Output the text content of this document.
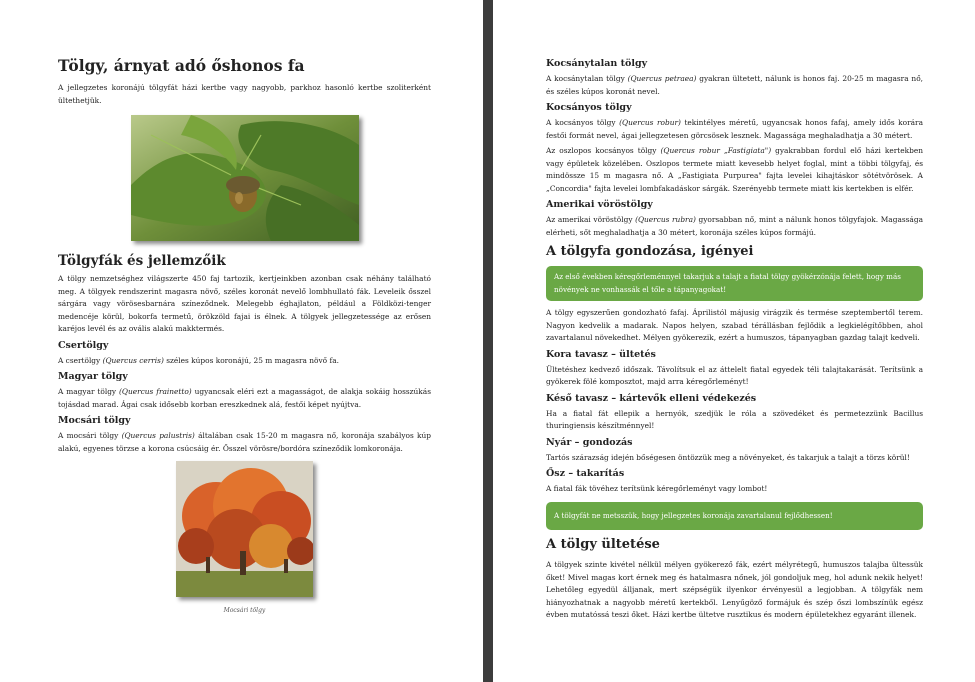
Tölgy, árnyat adó őshonos fa

A jellegzetes koronájú tölgyfát házi kertbe vagy nagyobb, parkhoz hasonló kertbe szoliterként ültethetjük.

Tölgyfák és jellemzőik

A tölgy nemzetséghez világszerte 450 faj tartozik, kertjeinkben azonban csak néhány található meg. A tölgyek rendszerint magasra növő, széles koronát nevelő lombhullató fák. Leveleik ősszel sárgára vagy vörösesbarnára színeződnek. Melegebb éghajlaton, például a Földközi-tenger medencéje körül, bokorfa termetű, örökzöld fajai is élnek. A tölgyek jellegzetessége az erősen karéjos levél és az ovális alakú makktermés.

Csertölgy

A csertölgy (Quercus cerris) széles kúpos koronájú, 25 m magasra növő fa.

Magyar tölgy

A magyar tölgy (Quercus frainetto) ugyancsak eléri ezt a magasságot, de alakja sokáig hosszúkás tojásdad marad. Ágai csak idősebb korban ereszkednek alá, festői képet nyújtva.

Mocsári tölgy

A mocsári tölgy (Quercus palustris) általában csak 15-20 m magasra nő, koronája szabályos kúp alakú, egyenes törzse a korona csúcsáig ér. Ősszel vörösre/bordóra színeződik lomkoronája.

Mocsári tölgy
Kocsánytalan tölgy

A kocsánytalan tölgy (Quercus petraea) gyakran ültetett, nálunk is honos faj. 20-25 m magasra nő, és széles kúpos koronát nevel.

Kocsányos tölgy

A kocsányos tölgy (Quercus robur) tekintélyes méretű, ugyancsak honos fafaj, amely idős korára festői formát nevel, ágai jellegzetesen görcsösek lesznek. Magassága meghaladhatja a 30 métert.

Az oszlopos kocsányos tölgy (Quercus robur „Fastigiata") gyakrabban fordul elő házi kertekben vagy épületek közelében. Oszlopos termete miatt kevesebb helyet foglal, mint a többi tölgyfaj, és mindössze 15 m magasra nő. A „Fastigiata Purpurea" fajta levelei kihajtáskor sötétvörösek. A „Concordia" fajta levelei lombfakadáskor sárgák. Szerényebb termete miatt kis kertekben is elfér.

Amerikai vöröstölgy

Az amerikai vöröstölgy (Quercus rubra) gyorsabban nő, mint a nálunk honos tölgyfajok. Magassága elérheti, sőt meghaladhatja a 30 métert, koronája széles kúpos formájú.

A tölgyfa gondozása, igényei
Az első években kéregőrleménnyel takarjuk a talajt a fiatal tölgy gyökérzónája felett, hogy más növények ne vonhassák el tőle a tápanyagokat!

A tölgy egyszerűen gondozható fafaj. Áprilistól májusig virágzik és termése szeptembertől terem. Nagyon kedvelik a madarak. Napos helyen, szabad térállásban fejlődik a legkielégítőbben, ahol zavartalanul növekedhet. Mélyen gyökerezik, ezért a humuszos, tápanyagban gazdag talajt kedveli.

Kora tavasz – ültetés

Ültetéshez kedvező időszak. Távolítsuk el az áttelelt fiatal egyedek téli talajtakarását. Terítsünk a gyökerek fölé komposztot, majd arra kéregőrleményt!

Késő tavasz – kártevők elleni védekezés

Ha a fiatal fát ellepik a hernyók, szedjük le róla a szövedéket és permetezzünk Bacillus thuringiensis készítménnyel!

Nyár – gondozás

Tartós szárazság idején bőségesen öntözzük meg a növényeket, és takarjuk a talajt a törzs körül!

Ősz – takarítás

A fiatal fák tövéhez terítsünk kéregőrleményt vagy lombot!

A tölgyfát ne metsszük, hogy jellegzetes koronája zavartalanul fejlődhessen!
A tölgy ültetése

A tölgyek szinte kivétel nélkül mélyen gyökerező fák, ezért mélyrétegű, humuszos talajba ültessük őket! Mivel magas kort érnek meg és hatalmasra nőnek, jól gondoljuk meg, hol adunk nekik helyet! Lehetőleg egyedül álljanak, mert szépségük ilyenkor érvényesül a legjobban. A tölgyfák nem hiányozhatnak a nagyobb méretű kertekből. Lenyűgöző formájuk és szép őszi lombszínük egész évben mutatóssá teszi őket. Házi kertbe ültetve rusztikus és modern épületekhez egyaránt illenek.
